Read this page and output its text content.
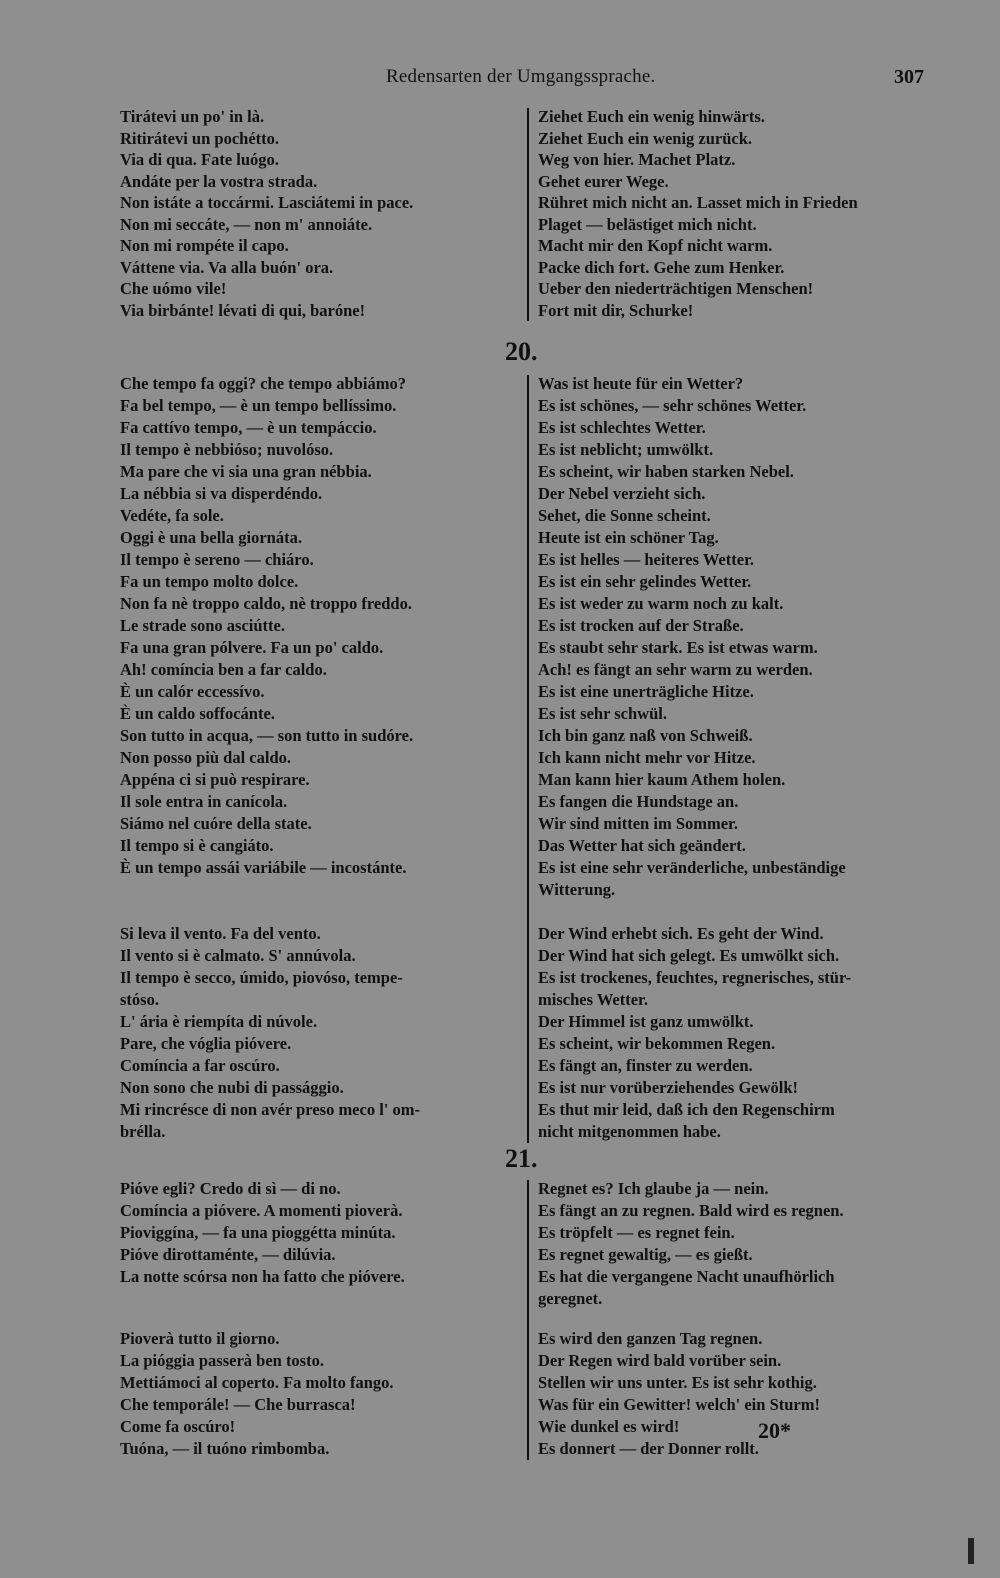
Redensarten der Umgangssprache.	307
Tirátevi un po' in là.	Ziehet Euch ein wenig hinwärts.
Ritirátevi un pochétto.	Ziehet Euch ein wenig zurück.
Via di qua. Fate luógo.	Weg von hier. Machet Platz.
Andáte per la vostra strada.	Gehet eurer Wege.
Non istáte a toccármi. Lasciátemi in pace.	Rühret mich nicht an. Lasset mich in Frieden
Non mi seccáte, — non m' annoiáte.	Plaget — belästiget mich nicht.
Non mi rompéte il capo.	Macht mir den Kopf nicht warm.
Váttene via. Va alla buón' ora.	Packe dich fort. Gehe zum Henker.
Che uómo vile!	Ueber den niederträchtigen Menschen!
Via birbánte! lévati di qui, baróne!	Fort mit dir, Schurke!
20.
Che tempo fa oggi? che tempo abbiámo?	Was ist heute für ein Wetter?
Fa bel tempo, — è un tempo bellíssimo.	Es ist schönes, — sehr schönes Wetter.
Fa cattívo tempo, — è un tempáccio.	Es ist schlechtes Wetter.
Il tempo è nebbióso; nuvolóso.	Es ist neblicht; umwölkt.
Ma pare che vi sia una gran nébbia.	Es scheint, wir haben starken Nebel.
La nébbia si va disperdéndo.	Der Nebel verzieht sich.
Vedéte, fa sole.	Sehet, die Sonne scheint.
Oggi è una bella giornáta.	Heute ist ein schöner Tag.
Il tempo è sereno — chiáro.	Es ist helles — heiteres Wetter.
Fa un tempo molto dolce.	Es ist ein sehr gelindes Wetter.
Non fa nè troppo caldo, nè troppo freddo.	Es ist weder zu warm noch zu kalt.
Le strade sono asciútte.	Es ist trocken auf der Straße.
Fa una gran pólvere. Fa un po' caldo.	Es staubt sehr stark. Es ist etwas warm.
Ah! comíncia ben a far caldo.	Ach! es fängt an sehr warm zu werden.
È un calór eccessívo.	Es ist eine unerträgliche Hitze.
È un caldo soffocánte.	Es ist sehr schwül.
Son tutto in acqua, — son tutto in sudóre.	Ich bin ganz naß von Schweiß.
Non posso più dal caldo.	Ich kann nicht mehr vor Hitze.
Appéna ci si può respirare.	Man kann hier kaum Athem holen.
Il sole entra in canícola.	Es fangen die Hundstage an.
Siámo nel cuóre della state.	Wir sind mitten im Sommer.
Il tempo si è cangiáto.	Das Wetter hat sich geändert.
È un tempo assái variábile — incostánte.	Es ist eine sehr veränderliche, unbeständige
Witterung.
Si leva il vento. Fa del vento.	Der Wind erhebt sich. Es geht der Wind.
Il vento si è calmato. S' annúvola.	Der Wind hat sich gelegt. Es umwölkt sich.
Il tempo è secco, úmido, piovóso, tempe-	Es ist trockenes, feuchtes, regnerisches, stür-
stóso.	misches Wetter.
L' ária è riempíta di núvole.	Der Himmel ist ganz umwölkt.
Pare, che vóglia pióvere.	Es scheint, wir bekommen Regen.
Comíncia a far oscúro.	Es fängt an, finster zu werden.
Non sono che nubi di passággio.	Es ist nur vorüberziehendes Gewölk!
Mi rincrésce di non avér preso meco l' om-	Es thut mir leid, daß ich den Regenschirm
brélla.	nicht mitgenommen habe.
21.
Pióve egli? Credo di sì — di no.	Regnet es? Ich glaube ja — nein.
Comíncia a pióvere. A momenti pioverà.	Es fängt an zu regnen. Bald wird es regnen.
Pioviggína, — fa una pioggétta minúta.	Es tröpfelt — es regnet fein.
Pióve dirottaménte, — dilúvia.	Es regnet gewaltig, — es gießt.
La notte scórsa non ha fatto che pióvere.	Es hat die vergangene Nacht unaufhörlich
geregnet.
Pioverà tutto il giorno.	Es wird den ganzen Tag regnen.
La pióggia passerà ben tosto.	Der Regen wird bald vorüber sein.
Mettiámoci al coperto. Fa molto fango.	Stellen wir uns unter. Es ist sehr kothig.
Che temporále! — Che burrasca!	Was für ein Gewitter! welch' ein Sturm!
Come fa oscúro!	Wie dunkel es wird!
Tuóna, — il tuóno rimbomba.	Es donnert — der Donner rollt.
20*
